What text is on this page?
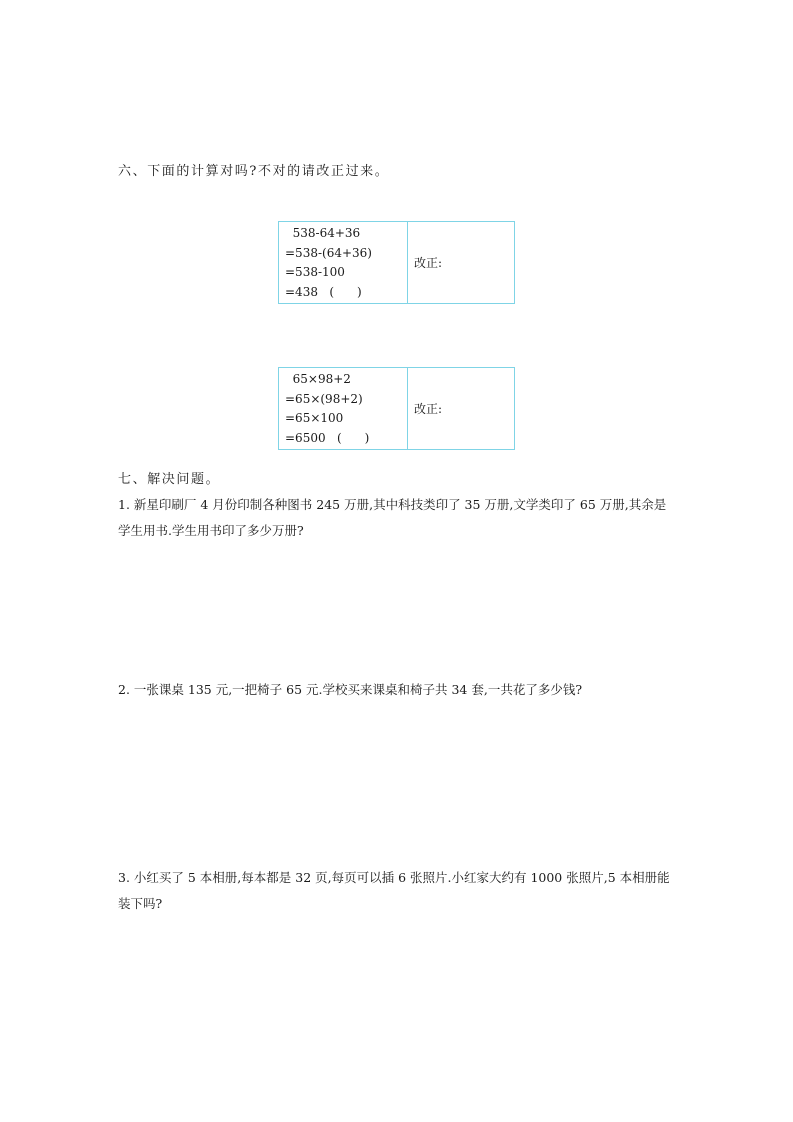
六、下面的计算对吗?不对的请改正过来。
538-64+36
=538-(64+36)
=538-100
=438   (      )
改正:
65×98+2
=65×(98+2)
=65×100
=6500   (      )
改正:
七、解决问题。
1. 新星印刷厂 4 月份印制各种图书 245 万册,其中科技类印了 35 万册,文学类印了 65 万册,其余是学生用书.学生用书印了多少万册?
2. 一张课桌 135 元,一把椅子 65 元.学校买来课桌和椅子共 34 套,一共花了多少钱?
3. 小红买了 5 本相册,每本都是 32 页,每页可以插 6 张照片.小红家大约有 1000 张照片,5 本相册能装下吗?
